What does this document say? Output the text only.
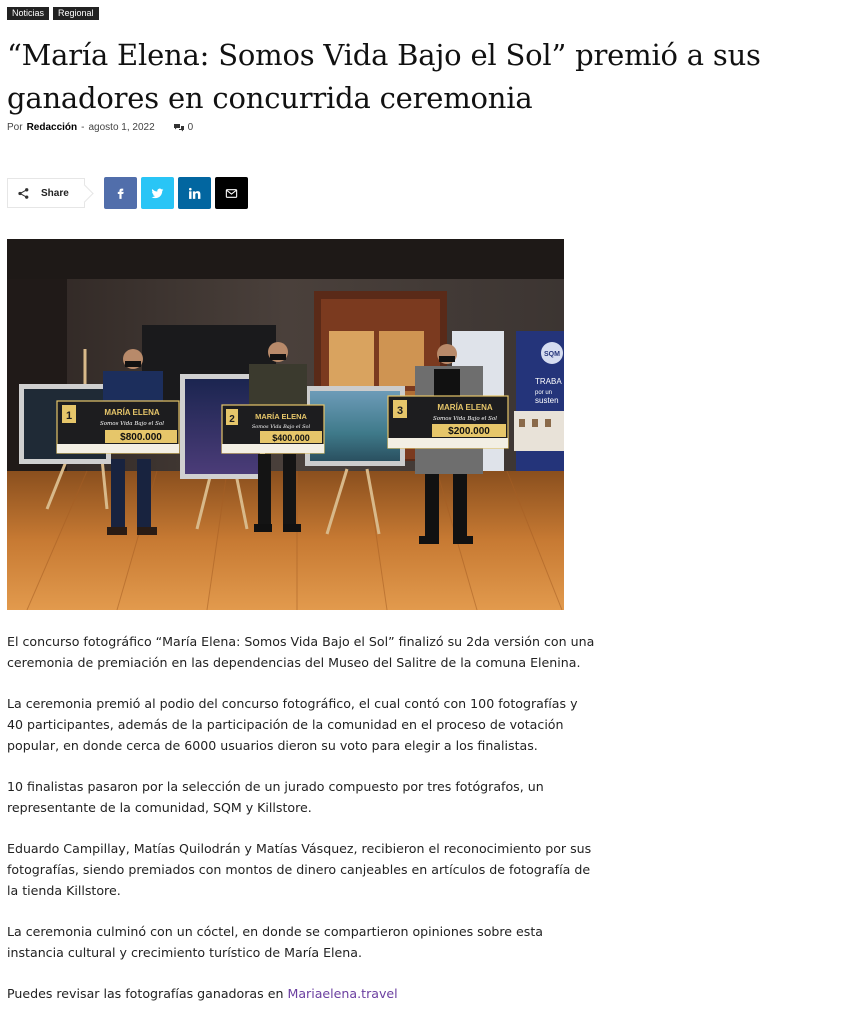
Noticias	Regional
“María Elena: Somos Vida Bajo el Sol” premió a sus ganadores en concurrida ceremonia
Por Redacción - agosto 1, 2022	0
Share
SQM
TRABA
por un
susten
1	MARÍA ELENA
Somos Vida Bajo el Sol
$800.000
2	MARÍA ELENA
Somos Vida Bajo el Sol
$400.000
3	MARÍA ELENA
Somos Vida Bajo el Sol
$200.000

El concurso fotográfico “María Elena: Somos Vida Bajo el Sol” finalizó su 2da versión con una ceremonia de premiación en las dependencias del Museo del Salitre de la comuna Elenina.

La ceremonia premió al podio del concurso fotográfico, el cual contó con 100 fotografías y 40 participantes, además de la participación de la comunidad en el proceso de votación popular, en donde cerca de 6000 usuarios dieron su voto para elegir a los finalistas.

10 finalistas pasaron por la selección de un jurado compuesto por tres fotógrafos, un representante de la comunidad, SQM y Killstore.

Eduardo Campillay, Matías Quilodrán y Matías Vásquez, recibieron el reconocimiento por sus fotografías, siendo premiados con montos de dinero canjeables en artículos de fotografía de la tienda Killstore.

La ceremonia culminó con un cóctel, en donde se compartieron opiniones sobre esta instancia cultural y crecimiento turístico de María Elena.

Puedes revisar las fotografías ganadoras en Mariaelena.travel
